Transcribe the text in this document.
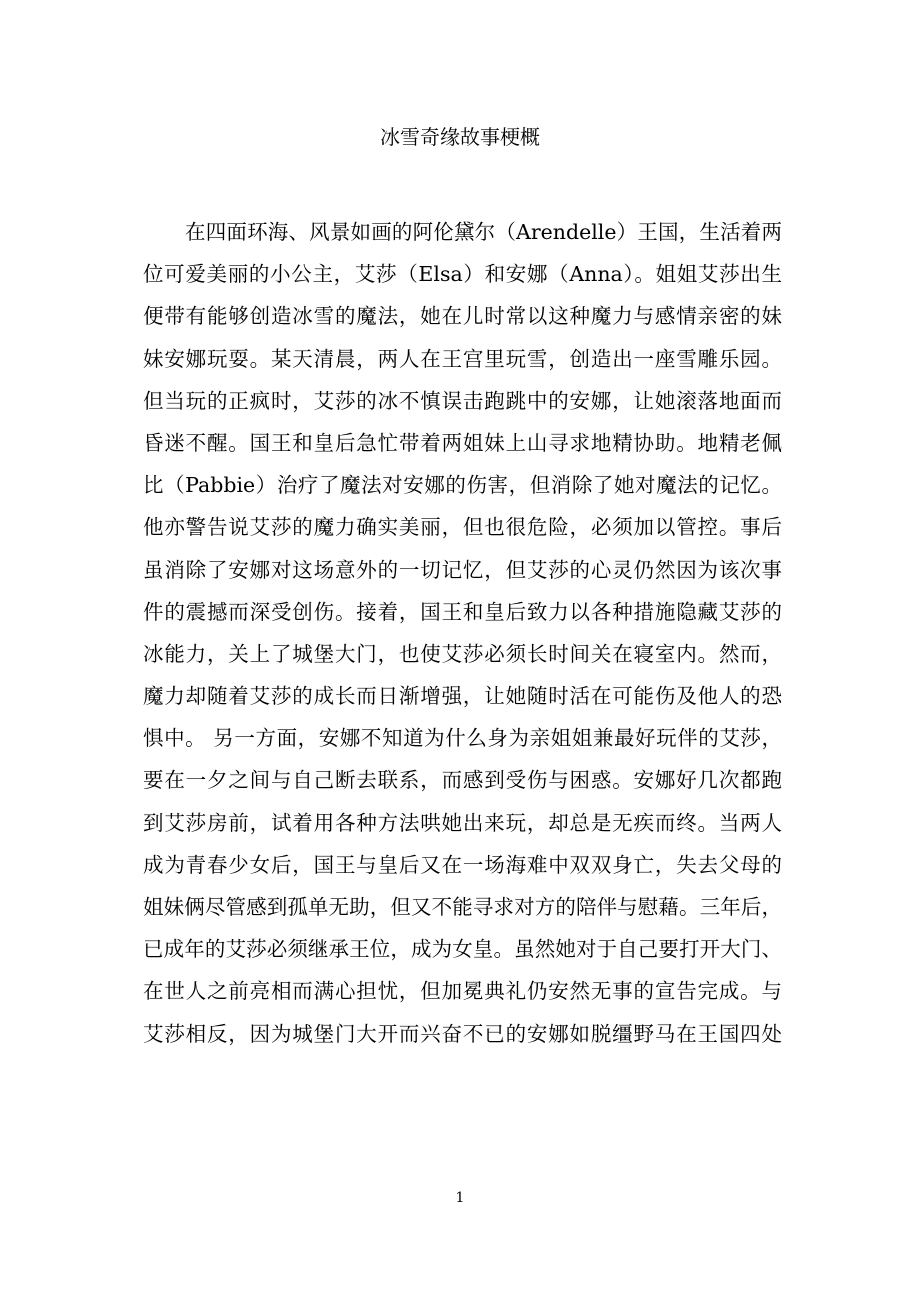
冰雪奇缘故事梗概
在四面环海、风景如画的阿伦黛尔（Arendelle）王国，生活着两
位可爱美丽的小公主，艾莎（Elsa）和安娜（Anna）。姐姐艾莎出生
便带有能够创造冰雪的魔法，她在儿时常以这种魔力与感情亲密的妹
妹安娜玩耍。某天清晨，两人在王宫里玩雪，创造出一座雪雕乐园。
但当玩的正疯时，艾莎的冰不慎误击跑跳中的安娜，让她滚落地面而
昏迷不醒。国王和皇后急忙带着两姐妹上山寻求地精协助。地精老佩
比（Pabbie）治疗了魔法对安娜的伤害，但消除了她对魔法的记忆。
他亦警告说艾莎的魔力确实美丽，但也很危险，必须加以管控。事后
虽消除了安娜对这场意外的一切记忆，但艾莎的心灵仍然因为该次事
件的震撼而深受创伤。接着，国王和皇后致力以各种措施隐藏艾莎的
冰能力，关上了城堡大门，也使艾莎必须长时间关在寝室内。然而，
魔力却随着艾莎的成长而日渐增强，让她随时活在可能伤及他人的恐
惧中。 另一方面，安娜不知道为什么身为亲姐姐兼最好玩伴的艾莎，
要在一夕之间与自己断去联系，而感到受伤与困惑。安娜好几次都跑
到艾莎房前，试着用各种方法哄她出来玩，却总是无疾而终。当两人
成为青春少女后，国王与皇后又在一场海难中双双身亡，失去父母的
姐妹俩尽管感到孤单无助，但又不能寻求对方的陪伴与慰藉。三年后，
已成年的艾莎必须继承王位，成为女皇。虽然她对于自己要打开大门、
在世人之前亮相而满心担忧，但加冕典礼仍安然无事的宣告完成。与
艾莎相反，因为城堡门大开而兴奋不已的安娜如脱缰野马在王国四处
1
